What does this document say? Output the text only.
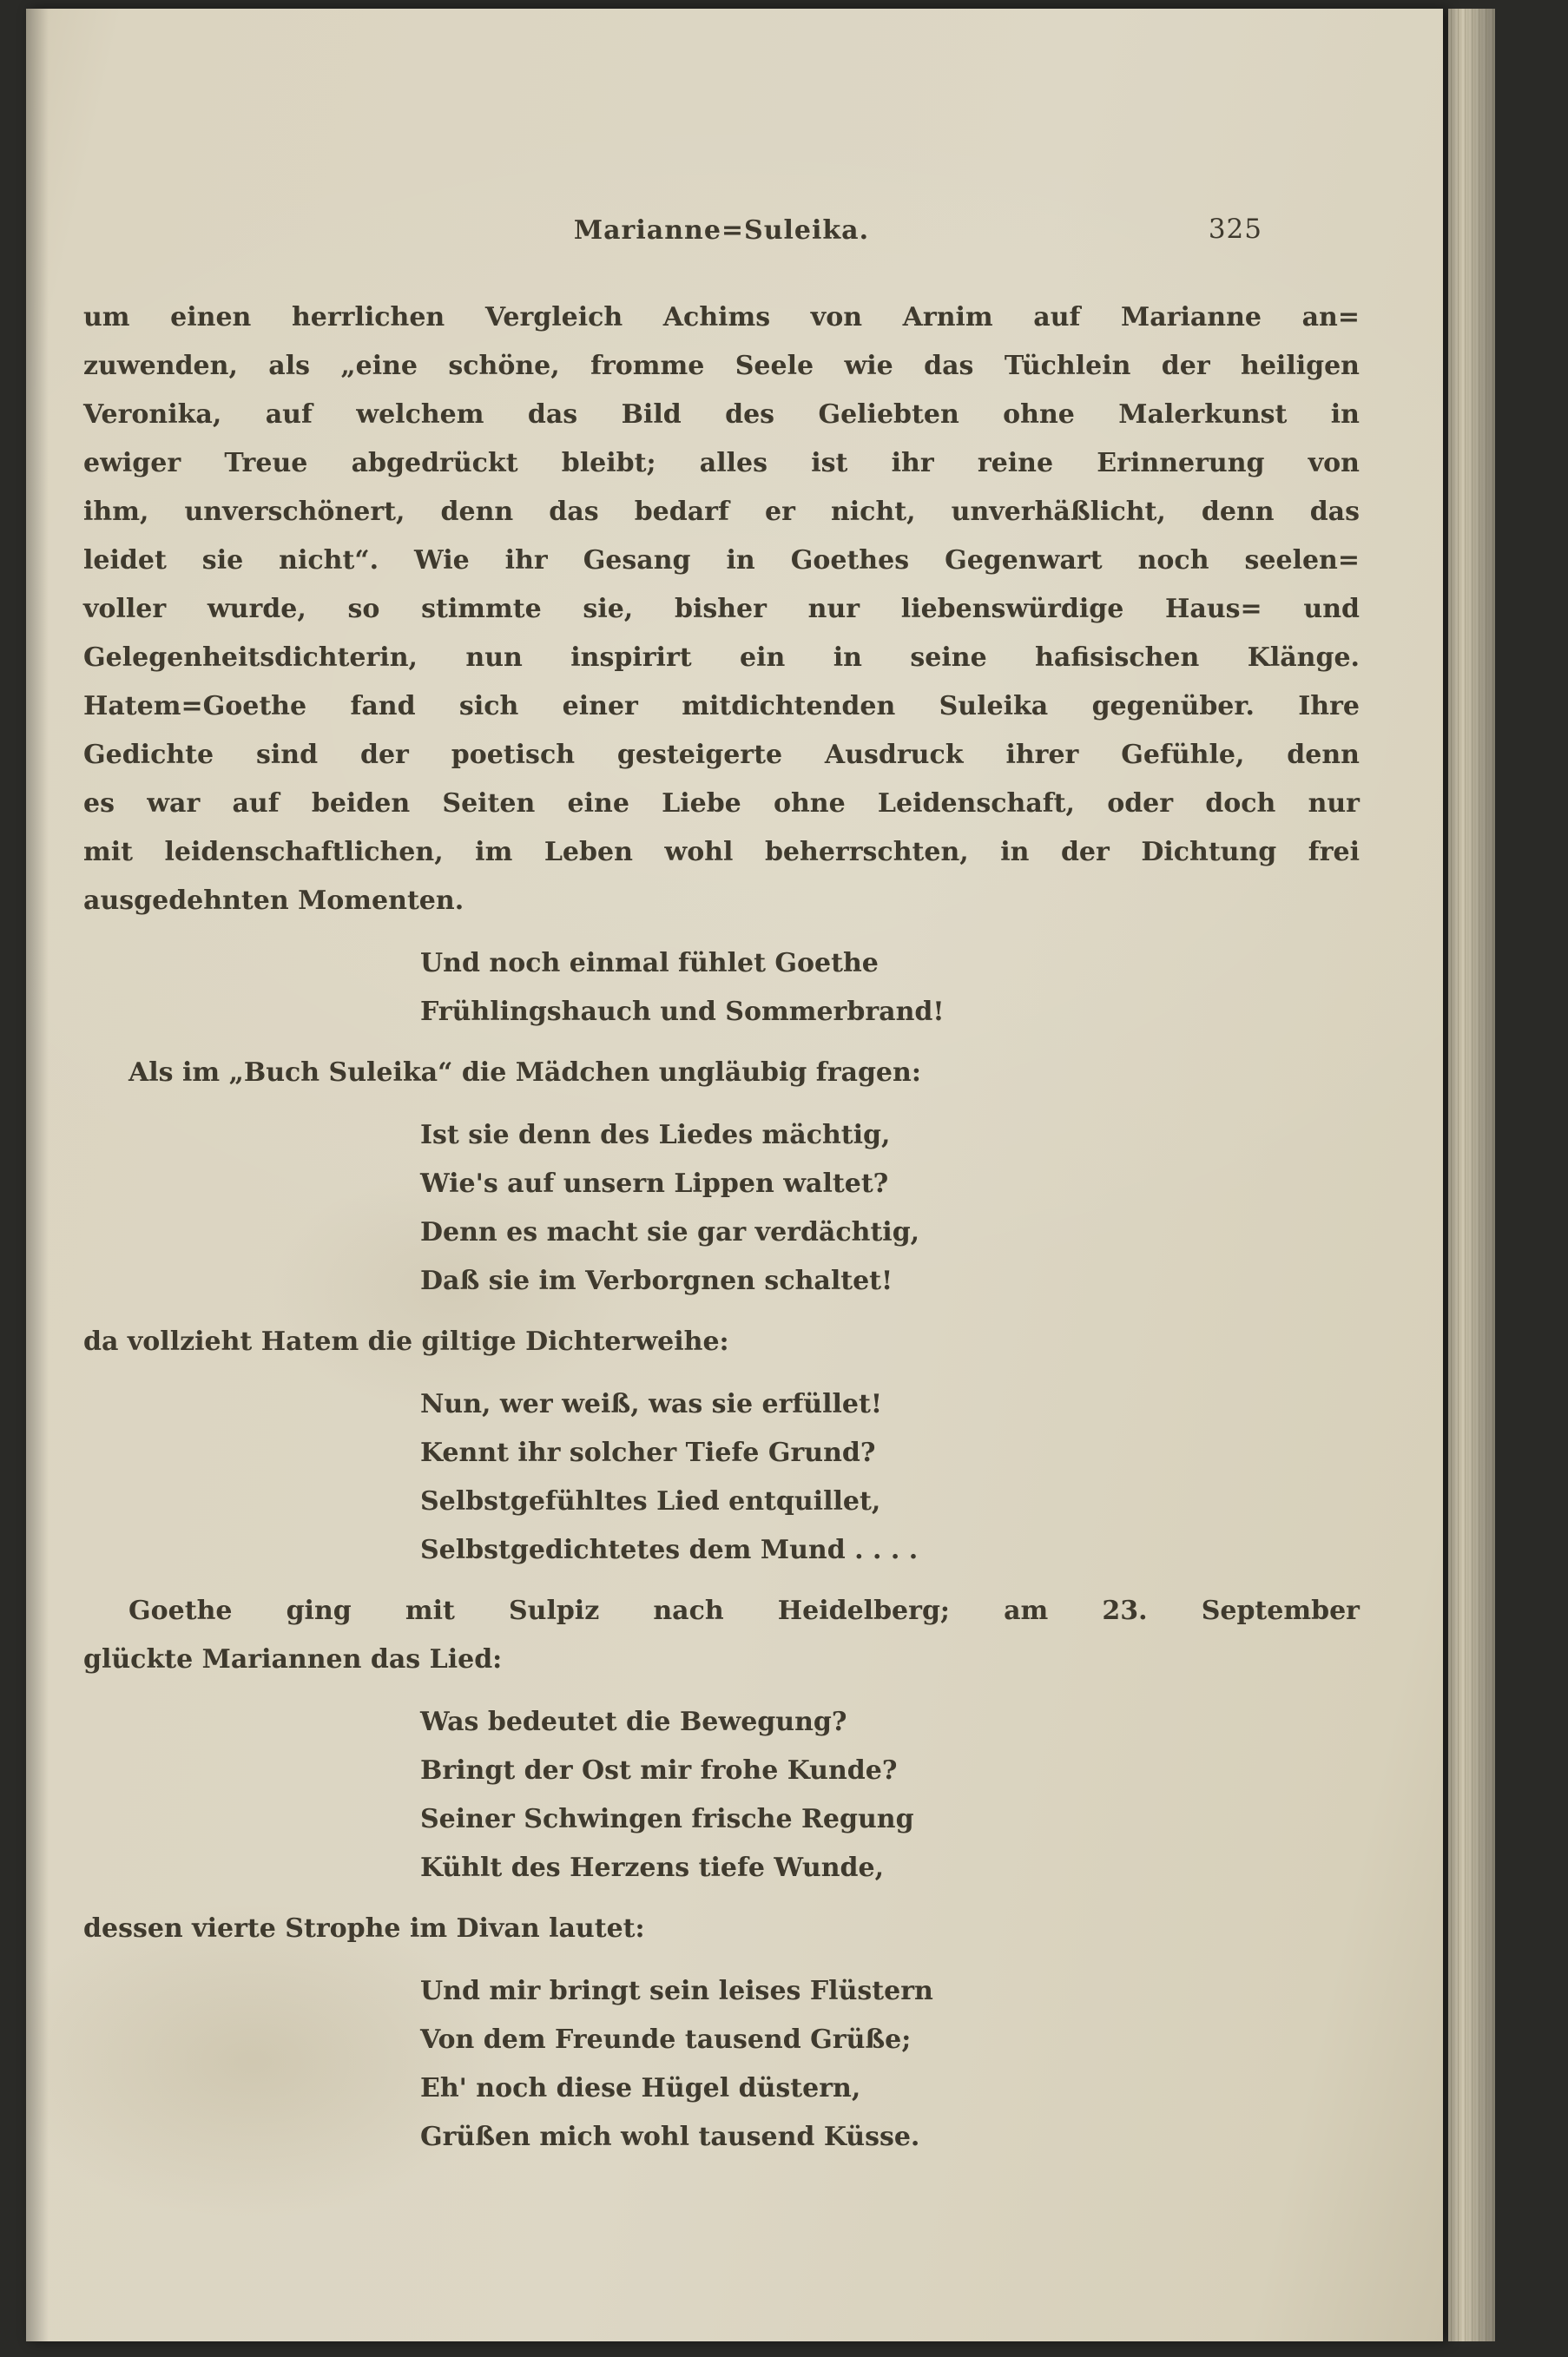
Marianne=Suleika.	325
um einen herrlichen Vergleich Achims von Arnim auf Marianne an=
zuwenden, als „eine schöne, fromme Seele wie das Tüchlein der heiligen
Veronika, auf welchem das Bild des Geliebten ohne Malerkunst in
ewiger Treue abgedrückt bleibt; alles ist ihr reine Erinnerung von
ihm, unverschönert, denn das bedarf er nicht, unverhäßlicht, denn das
leidet sie nicht“. Wie ihr Gesang in Goethes Gegenwart noch seelen=
voller wurde, so stimmte sie, bisher nur liebenswürdige Haus= und
Gelegenheitsdichterin, nun inspirirt ein in seine hafisischen Klänge.
Hatem=Goethe fand sich einer mitdichtenden Suleika gegenüber. Ihre
Gedichte sind der poetisch gesteigerte Ausdruck ihrer Gefühle, denn
es war auf beiden Seiten eine Liebe ohne Leidenschaft, oder doch nur
mit leidenschaftlichen, im Leben wohl beherrschten, in der Dichtung frei
ausgedehnten Momenten.
Und noch einmal fühlet Goethe
Frühlingshauch und Sommerbrand!
Als im „Buch Suleika“ die Mädchen ungläubig fragen:
Ist sie denn des Liedes mächtig,
Wie's auf unsern Lippen waltet?
Denn es macht sie gar verdächtig,
Daß sie im Verborgnen schaltet!
da vollzieht Hatem die giltige Dichterweihe:
Nun, wer weiß, was sie erfüllet!
Kennt ihr solcher Tiefe Grund?
Selbstgefühltes Lied entquillet,
Selbstgedichtetes dem Mund . . . .
Goethe ging mit Sulpiz nach Heidelberg; am 23. September
glückte Mariannen das Lied:
Was bedeutet die Bewegung?
Bringt der Ost mir frohe Kunde?
Seiner Schwingen frische Regung
Kühlt des Herzens tiefe Wunde,
dessen vierte Strophe im Divan lautet:
Und mir bringt sein leises Flüstern
Von dem Freunde tausend Grüße;
Eh' noch diese Hügel düstern,
Grüßen mich wohl tausend Küsse.
